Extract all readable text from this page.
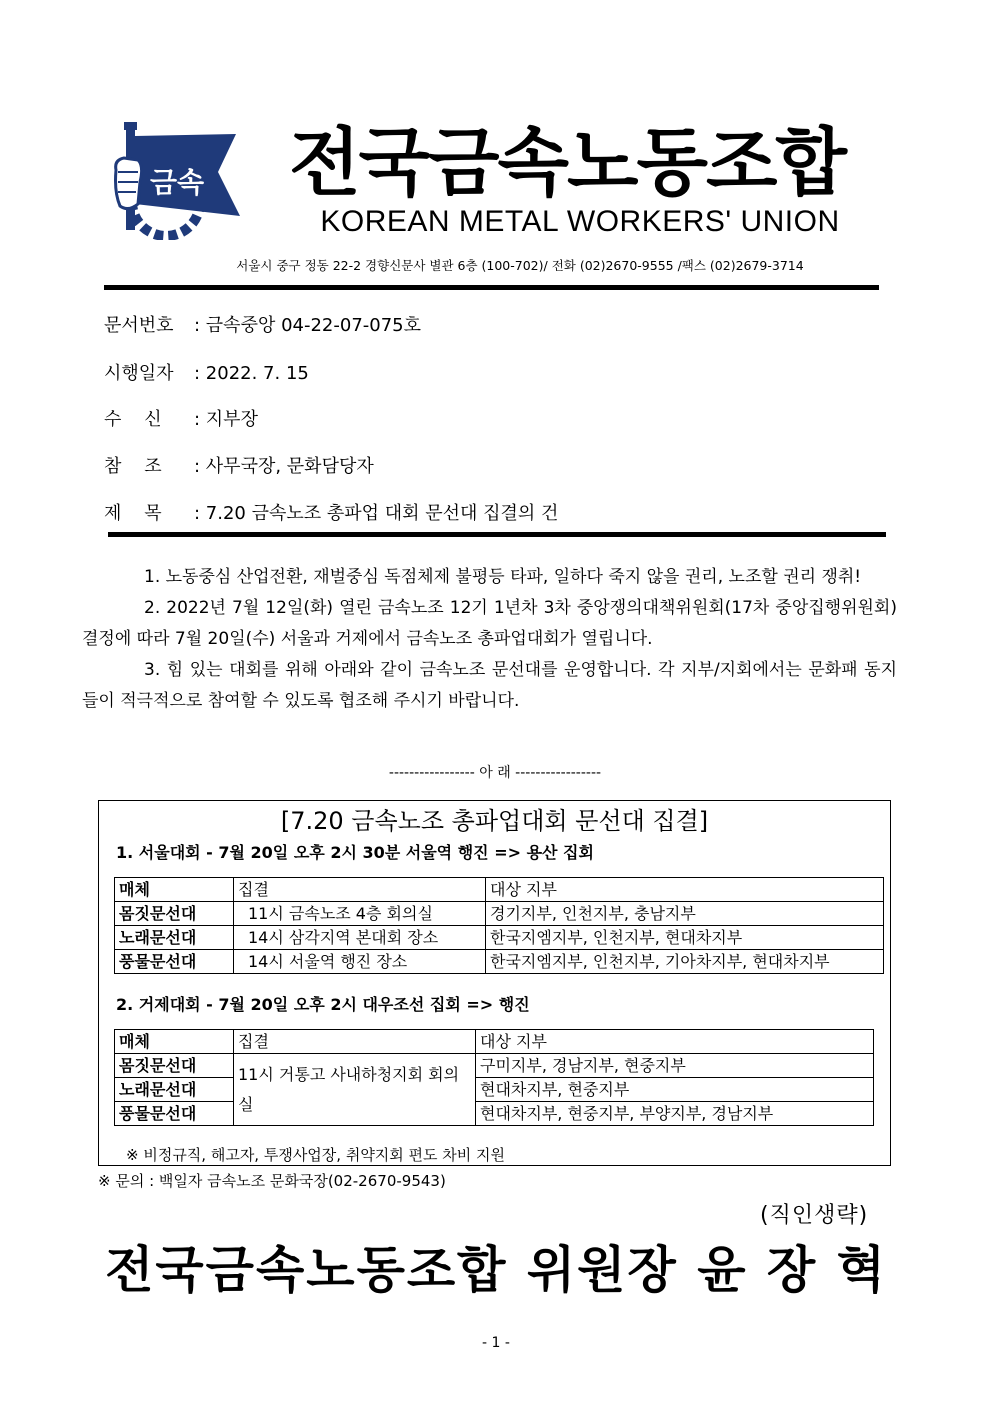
금속	전국금속노동조합
KOREAN METAL WORKERS' UNION
서울시 중구 정동 22-2 경향신문사 별관 6층 (100-702)/ 전화 (02)2670-9555 /팩스 (02)2679-3714
문서번호 : 금속중앙 04-22-07-075호
시행일자 : 2022. 7. 15
수    신 : 지부장
참    조 : 사무국장, 문화담당자
제    목 : 7.20 금속노조 총파업 대회 문선대 집결의 건

1. 노동중심 산업전환, 재벌중심 독점체제 불평등 타파, 일하다 죽지 않을 권리, 노조할 권리 쟁취!

2. 2022년 7월 12일(화) 열린 금속노조 12기 1년차 3차 중앙쟁의대책위원회(17차 중앙집행위원회) 결정에 따라 7월 20일(수) 서울과 거제에서 금속노조 총파업대회가 열립니다.

3. 힘 있는 대회를 위해 아래와 같이 금속노조 문선대를 운영합니다. 각 지부/지회에서는 문화패 동지들이 적극적으로 참여할 수 있도록 협조해 주시기 바랍니다.

----------------- 아 래 -----------------
[7.20 금속노조 총파업대회 문선대 집결]
1. 서울대회 - 7월 20일 오후 2시 30분 서울역 행진 => 용산 집회
매체	집결	대상 지부
몸짓문선대	11시 금속노조 4층 회의실	경기지부, 인천지부, 충남지부
노래문선대	14시 삼각지역 본대회 장소	한국지엠지부, 인천지부, 현대차지부
풍물문선대	14시 서울역 행진 장소	한국지엠지부, 인천지부, 기아차지부, 현대차지부
2. 거제대회 - 7월 20일 오후 2시 대우조선 집회 => 행진
매체	집결	대상 지부
몸짓문선대	11시 거통고 사내하청지회 회의실	구미지부, 경남지부, 현중지부
노래문선대		현대차지부, 현중지부
풍물문선대		현대차지부, 현중지부, 부양지부, 경남지부
※ 비정규직, 해고자, 투쟁사업장, 취약지회 편도 차비 지원
※ 문의 : 백일자 금속노조 문화국장(02-2670-9543)
(직인생략)
전국금속노동조합 위원장 윤 장 혁
- 1 -
